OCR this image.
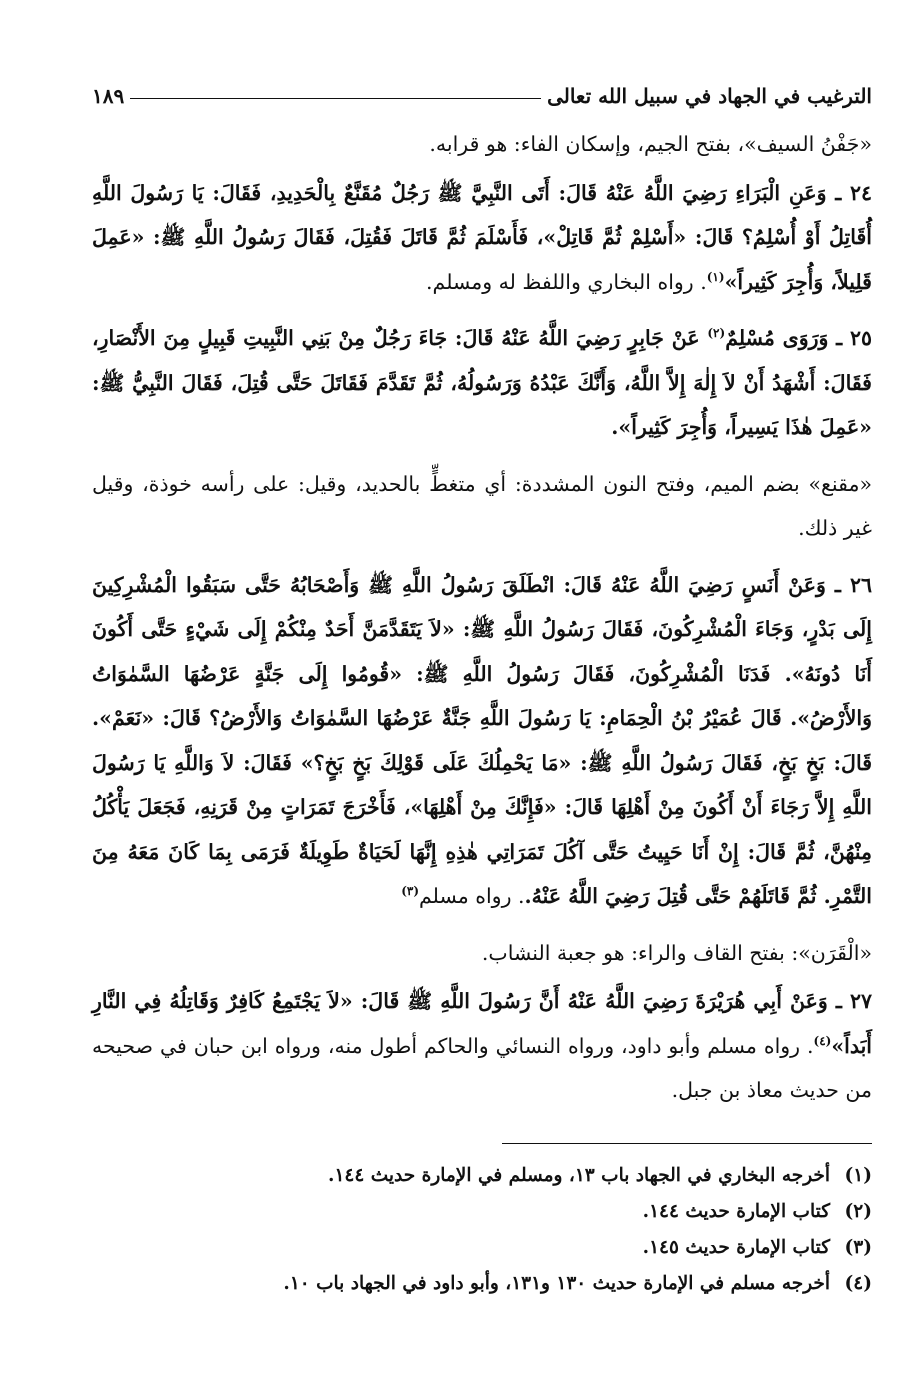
الترغيب في الجهاد في سبيل الله تعالى
١٨٩

«جَفْنُ السيف»، بفتح الجيم، وإسكان الفاء: هو قرابه.

٢٤ ـ وَعَنِ الْبَرَاءِ رَضِيَ اللَّهُ عَنْهُ قَالَ: أَتَى النَّبِيَّ ﷺ رَجُلٌ مُقَنَّعٌ بِالْحَدِيدِ، فَقَالَ: يَا رَسُولَ اللَّهِ أُقَاتِلُ أَوْ أُسْلِمُ؟ قَالَ: «أَسْلِمْ ثُمَّ قَاتِلْ»، فَأَسْلَمَ ثُمَّ قَاتَلَ فَقُتِلَ، فَقَالَ رَسُولُ اللَّهِ ﷺ: «عَمِلَ قَلِيلاً، وَأُجِرَ كَثِيراً»$^{(١)}$. رواه البخاري واللفظ له ومسلم.

٢٥ ـ وَرَوَى مُسْلِمٌ$^{(٢)}$ عَنْ جَابِرٍ رَضِيَ اللَّهُ عَنْهُ قَالَ: جَاءَ رَجُلٌ مِنْ بَنِي النَّبِيتِ قَبِيلٍ مِنَ الأَنْصَارِ، فَقَالَ: أَشْهَدُ أَنْ لاَ إِلٰهَ إِلاَّ اللَّهُ، وَأَنَّكَ عَبْدُهُ وَرَسُولُهُ، ثُمَّ تَقَدَّمَ فَقَاتَلَ حَتَّى قُتِلَ، فَقَالَ النَّبِيُّ ﷺ: «عَمِلَ هٰذَا يَسِيراً، وَأُجِرَ كَثِيراً».

«مقنع» بضم الميم، وفتح النون المشددة: أي متغطٍّ بالحديد، وقيل: على رأسه خوذة، وقيل غير ذلك.

٢٦ ـ وَعَنْ أَنَسٍ رَضِيَ اللَّهُ عَنْهُ قَالَ: انْطَلَقَ رَسُولُ اللَّهِ ﷺ وَأَصْحَابُهُ حَتَّى سَبَقُوا الْمُشْرِكِينَ إِلَى بَدْرٍ، وَجَاءَ الْمُشْرِكُونَ، فَقَالَ رَسُولُ اللَّهِ ﷺ: «لاَ يَتَقَدَّمَنَّ أَحَدٌ مِنْكُمْ إِلَى شَيْءٍ حَتَّى أَكُونَ أَنَا دُونَهُ». فَدَنَا الْمُشْرِكُونَ، فَقَالَ رَسُولُ اللَّهِ ﷺ: «قُومُوا إِلَى جَنَّةٍ عَرْضُهَا السَّمٰوَاتُ وَالأَرْضُ». قَالَ عُمَيْرُ بْنُ الْحِمَامِ: يَا رَسُولَ اللَّهِ جَنَّةٌ عَرْضُهَا السَّمٰوَاتُ وَالأَرْضُ؟ قَالَ: «نَعَمْ». قَالَ: بَخٍ بَخٍ، فَقَالَ رَسُولُ اللَّهِ ﷺ: «مَا يَحْمِلُكَ عَلَى قَوْلِكَ بَخٍ بَخٍ؟» فَقَالَ: لاَ وَاللَّهِ يَا رَسُولَ اللَّهِ إِلاَّ رَجَاءَ أَنْ أَكُونَ مِنْ أَهْلِهَا قَالَ: «فَإِنَّكَ مِنْ أَهْلِهَا»، فَأَخْرَجَ تَمَرَاتٍ مِنْ قَرَنِهِ، فَجَعَلَ يَأْكُلُ مِنْهُنَّ، ثُمَّ قَالَ: إِنْ أَنَا حَيِيتُ حَتَّى آكُلَ تَمَرَاتِي هٰذِهِ إِنَّهَا لَحَيَاةٌ طَوِيلَةٌ فَرَمَى بِمَا كَانَ مَعَهُ مِنَ التَّمْرِ. ثُمَّ قَاتَلَهُمْ حَتَّى قُتِلَ رَضِيَ اللَّهُ عَنْهُ.. رواه مسلم$^{(٣)}$

«الْقَرَن»: بفتح القاف والراء: هو جعبة النشاب.

٢٧ ـ وَعَنْ أَبِي هُرَيْرَةَ رَضِيَ اللَّهُ عَنْهُ أَنَّ رَسُولَ اللَّهِ ﷺ قَالَ: «لاَ يَجْتَمِعُ كَافِرٌ وَقَاتِلُهُ فِي النَّارِ أَبَداً»$^{(٤)}$. رواه مسلم وأبو داود، ورواه النسائي والحاكم أطول منه، ورواه ابن حبان في صحيحه من حديث معاذ بن جبل.

(١)
أخرجه البخاري في الجهاد باب ١٣، ومسلم في الإمارة حديث ١٤٤.
(٢)
كتاب الإمارة حديث ١٤٤.
(٣)
كتاب الإمارة حديث ١٤٥.
(٤)
أخرجه مسلم في الإمارة حديث ١٣٠ و١٣١، وأبو داود في الجهاد باب ١٠.
